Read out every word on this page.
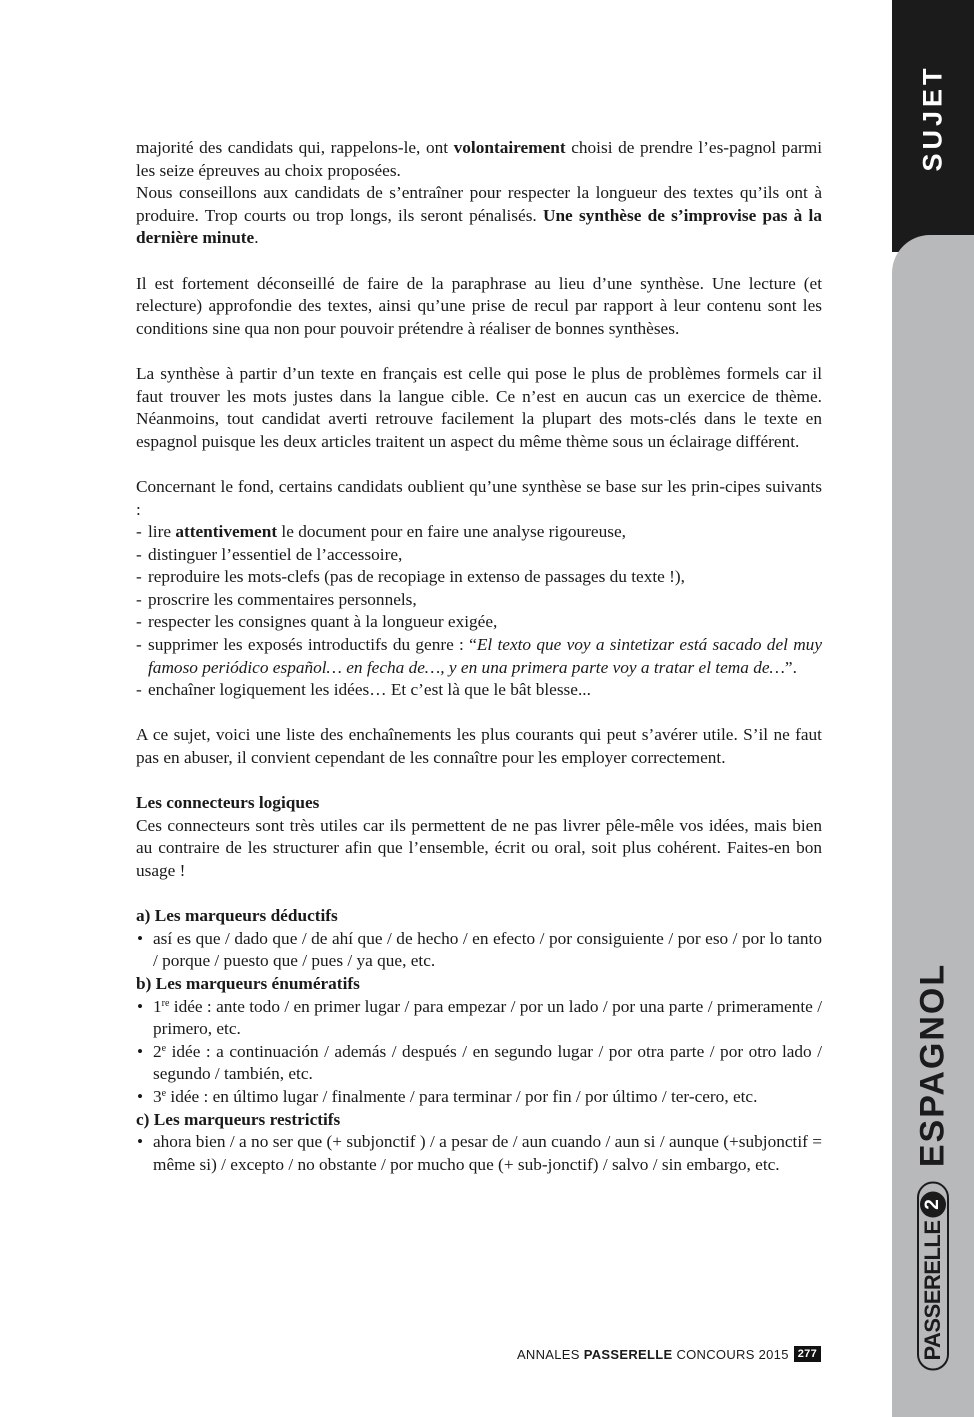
majorité des candidats qui, rappelons-le, ont volontairement choisi de prendre l’es-pagnol parmi les seize épreuves au choix proposées.

Nous conseillons aux candidats de s’entraîner pour respecter la longueur des textes qu’ils ont à produire. Trop courts ou trop longs, ils seront pénalisés. Une synthèse de s’improvise pas à la dernière minute.

Il est fortement déconseillé de faire de la paraphrase au lieu d’une synthèse. Une lecture (et relecture) approfondie des textes, ainsi qu’une prise de recul par rapport à leur contenu sont les conditions sine qua non pour pouvoir prétendre à réaliser de bonnes synthèses.

La synthèse à partir d’un texte en français est celle qui pose le plus de problèmes formels car il faut trouver les mots justes dans la langue cible. Ce n’est en aucun cas un exercice de thème. Néanmoins, tout candidat averti retrouve facilement la plupart des mots-clés dans le texte en espagnol puisque les deux articles traitent un aspect du même thème sous un éclairage différent.

Concernant le fond, certains candidats oublient qu’une synthèse se base sur les prin-cipes suivants :

- lire attentivement le document pour en faire une analyse rigoureuse,
- distinguer l’essentiel de l’accessoire,
- reproduire les mots-clefs (pas de recopiage in extenso de passages du texte !),
- proscrire les commentaires personnels,
- respecter les consignes quant à la longueur exigée,
- supprimer les exposés introductifs du genre : “El texto que voy a sintetizar está sacado del muy famoso periódico español… en fecha de…, y en una primera parte voy a tratar el tema de…”.
- enchaîner logiquement les idées… Et c’est là que le bât blesse...

A ce sujet, voici une liste des enchaînements les plus courants qui peut s’avérer utile. S’il ne faut pas en abuser, il convient cependant de les connaître pour les employer correctement.

Les connecteurs logiques

Ces connecteurs sont très utiles car ils permettent de ne pas livrer pêle-mêle vos idées, mais bien au contraire de les structurer afin que l’ensemble, écrit ou oral, soit plus cohérent. Faites-en bon usage !

a) Les marqueurs déductifs
• así es que / dado que / de ahí que / de hecho / en efecto / por consiguiente / por eso / por lo tanto / porque / puesto que / pues / ya que, etc.
b) Les marqueurs énumératifs
• 1re idée : ante todo / en primer lugar / para empezar / por un lado / por una parte / primeramente / primero, etc.
• 2e idée : a continuación / además / después / en segundo lugar / por otra parte / por otro lado / segundo / también, etc.
• 3e idée : en último lugar / finalmente / para terminar / por fin / por último / ter-cero, etc.
c) Les marqueurs restrictifs
• ahora bien / a no ser que (+ subjonctif ) / a pesar de / aun cuando / aun si / aunque (+subjonctif = même si) / excepto / no obstante / por mucho que (+ sub-jonctif) / salvo / sin embargo, etc.
ANNALES PASSERELLE CONCOURS 2015 277
SUJET
ESPAGNOL
PASSERELLE
2
